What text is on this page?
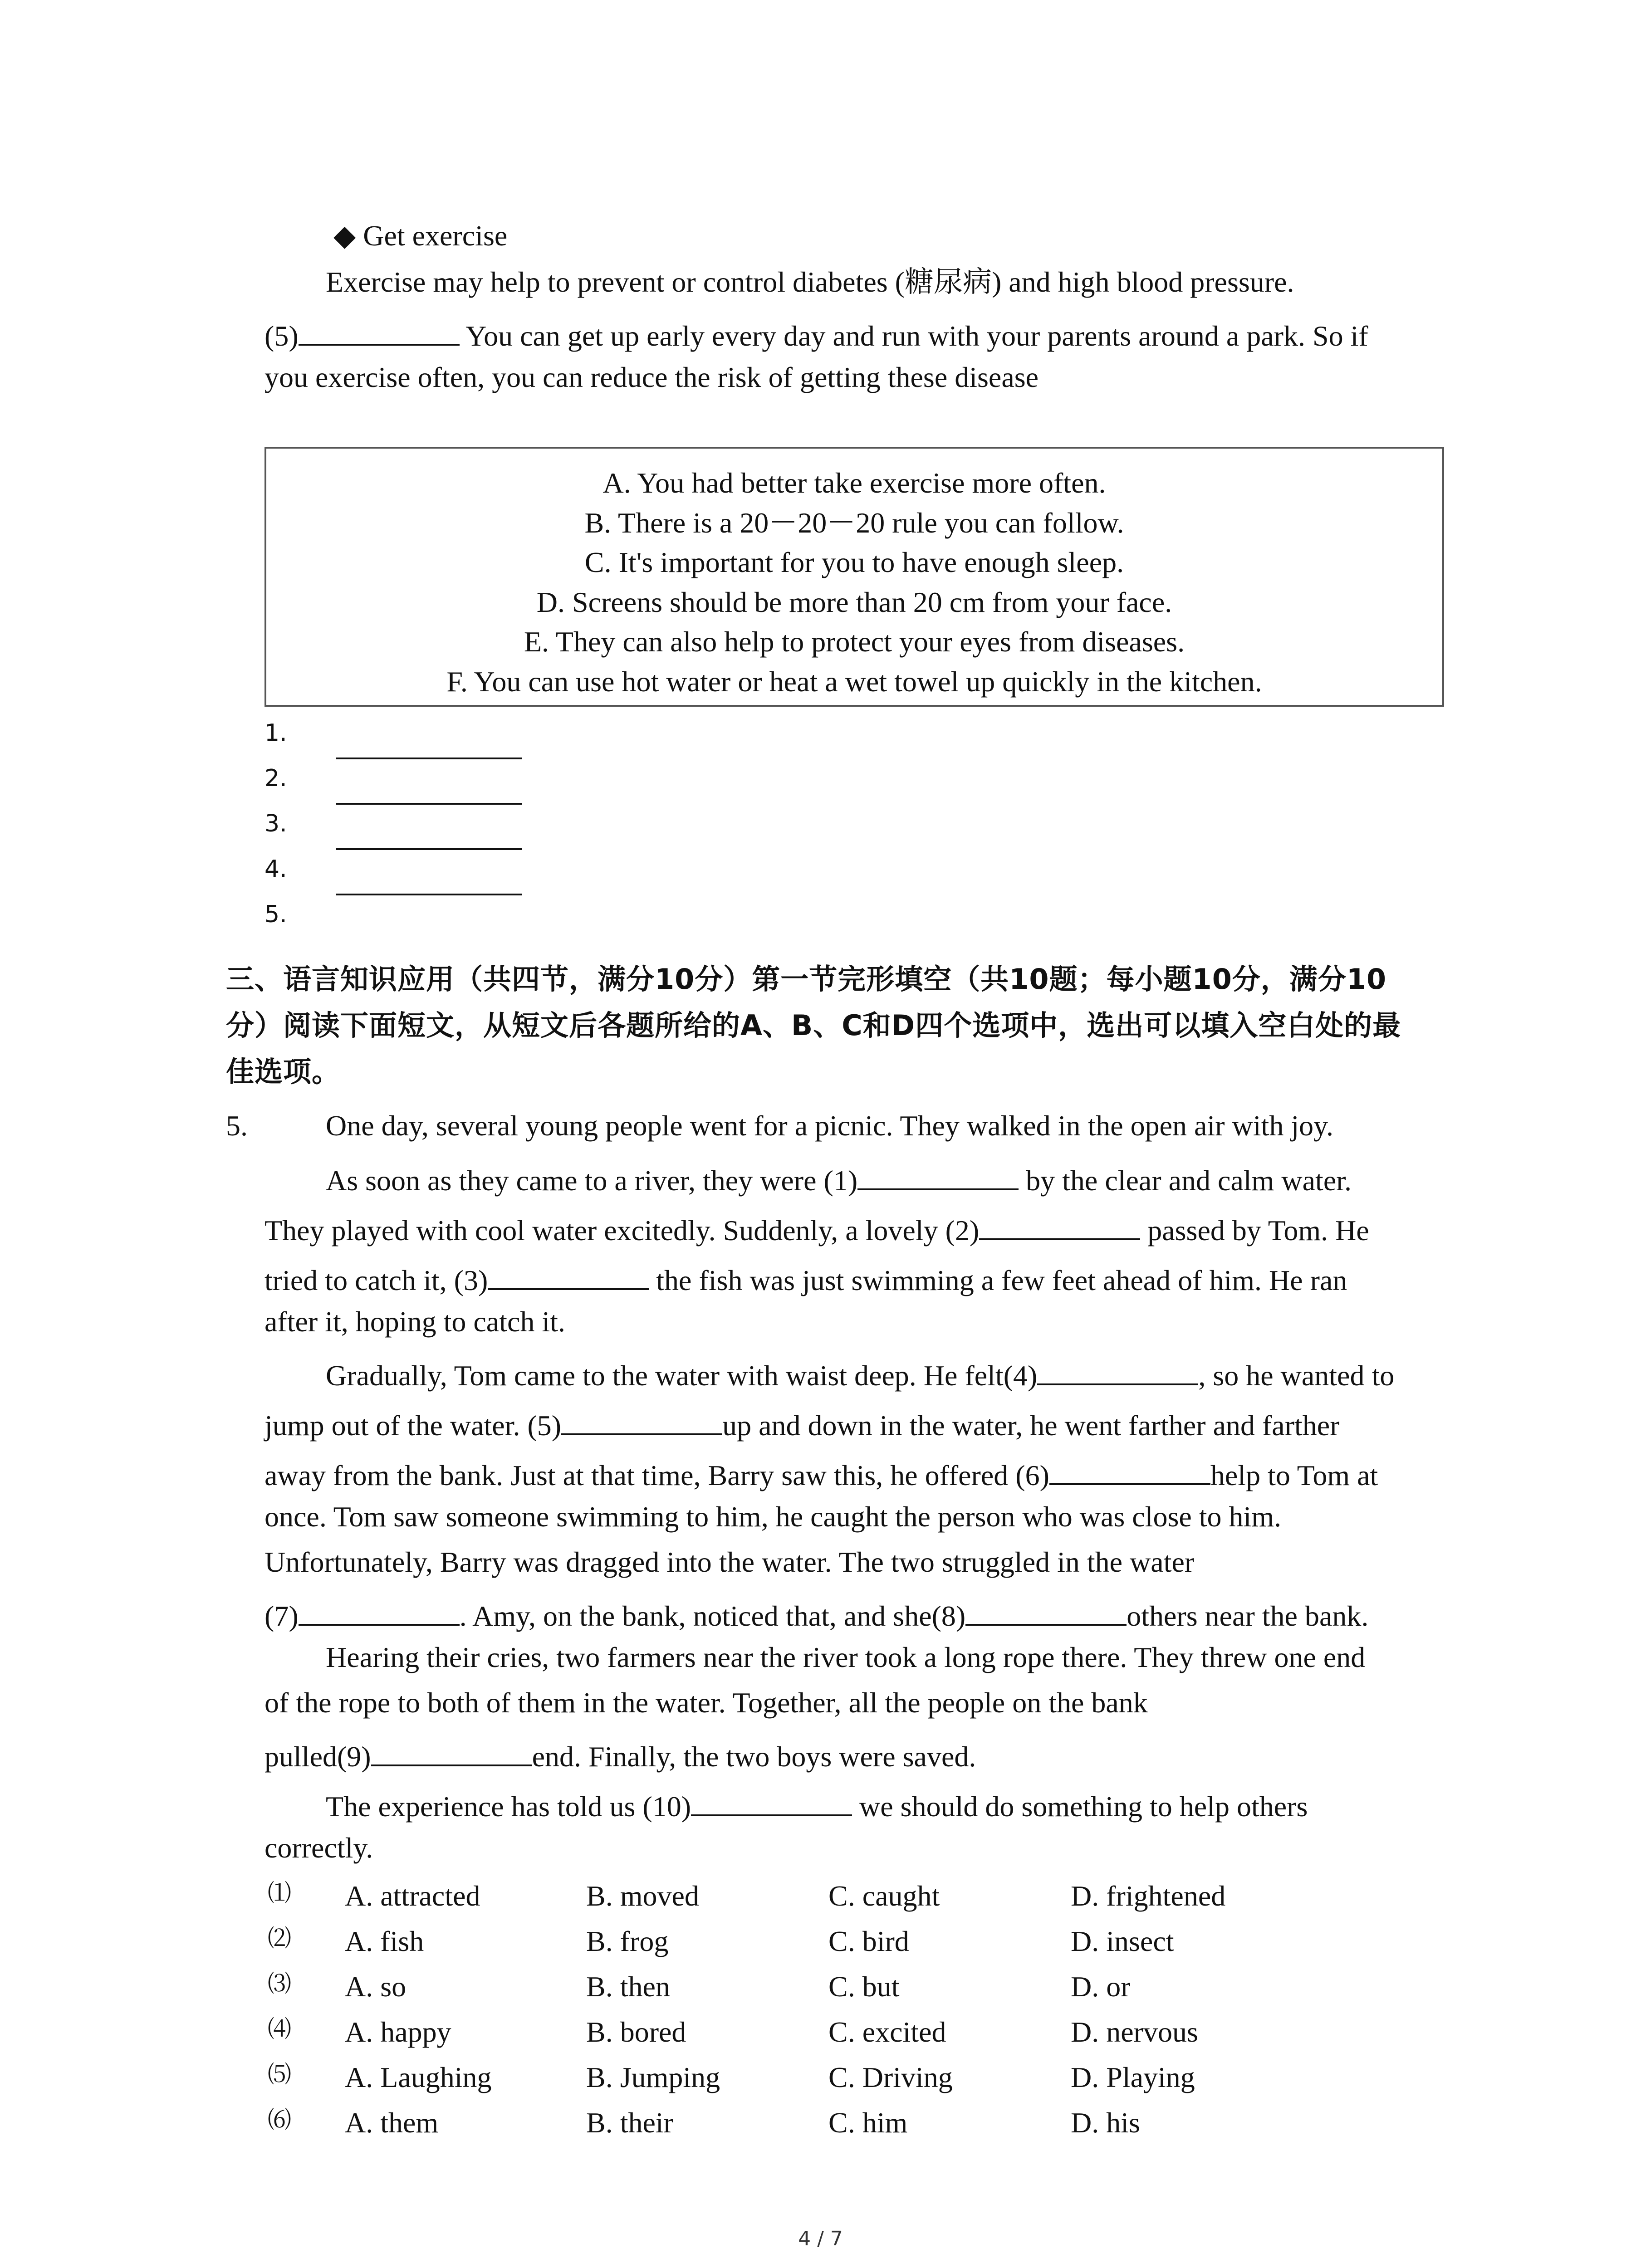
◆ Get exercise
Exercise may help to prevent or control diabetes (糖尿病) and high blood pressure.
(5)	You can get up early every day and run with your parents around a park. So if
you exercise often, you can reduce the risk of getting these disease
A. You had better take exercise more often.
B. There is a 20－20－20 rule you can follow.
C. It's important for you to have enough sleep.
D. Screens should be more than 20 cm from your face.
E. They can also help to protect your eyes from diseases.
F. You can use hot water or heat a wet towel up quickly in the kitchen.
1.
2.
3.
4.
5.
三、语言知识应用（共四节，满分10分）第一节完形填空（共10题；每小题10分，满分10
分）阅读下面短文，从短文后各题所给的A、B、C和D四个选项中，选出可以填入空白处的最
佳选项。
5.	One day, several young people went for a picnic. They walked in the open air with joy.
As soon as they came to a river, they were (1)	by the clear and calm water.
They played with cool water excitedly. Suddenly, a lovely (2)	passed by Tom. He
tried to catch it, (3)	the fish was just swimming a few feet ahead of him. He ran
after it, hoping to catch it.
Gradually, Tom came to the water with waist deep. He felt(4)	, so he wanted to
jump out of the water. (5)	up and down in the water, he went farther and farther
away from the bank. Just at that time, Barry saw this, he offered (6)	help to Tom at
once. Tom saw someone swimming to him, he caught the person who was close to him.
Unfortunately, Barry was dragged into the water. The two struggled in the water
(7)	. Amy, on the bank, noticed that, and she(8)	others near the bank.
Hearing their cries, two farmers near the river took a long rope there. They threw one end
of the rope to both of them in the water. Together, all the people on the bank
pulled(9)	end. Finally, the two boys were saved.
The experience has told us (10)	we should do something to help others
correctly.
⑴ A. attracted	B. moved	C. caught	D. frightened
⑵ A. fish	B. frog	C. bird	D. insect
⑶ A. so	B. then	C. but	D. or
⑷ A. happy	B. bored	C. excited	D. nervous
⑸ A. Laughing	B. Jumping	C. Driving	D. Playing
⑹ A. them	B. their	C. him	D. his
4 / 7
